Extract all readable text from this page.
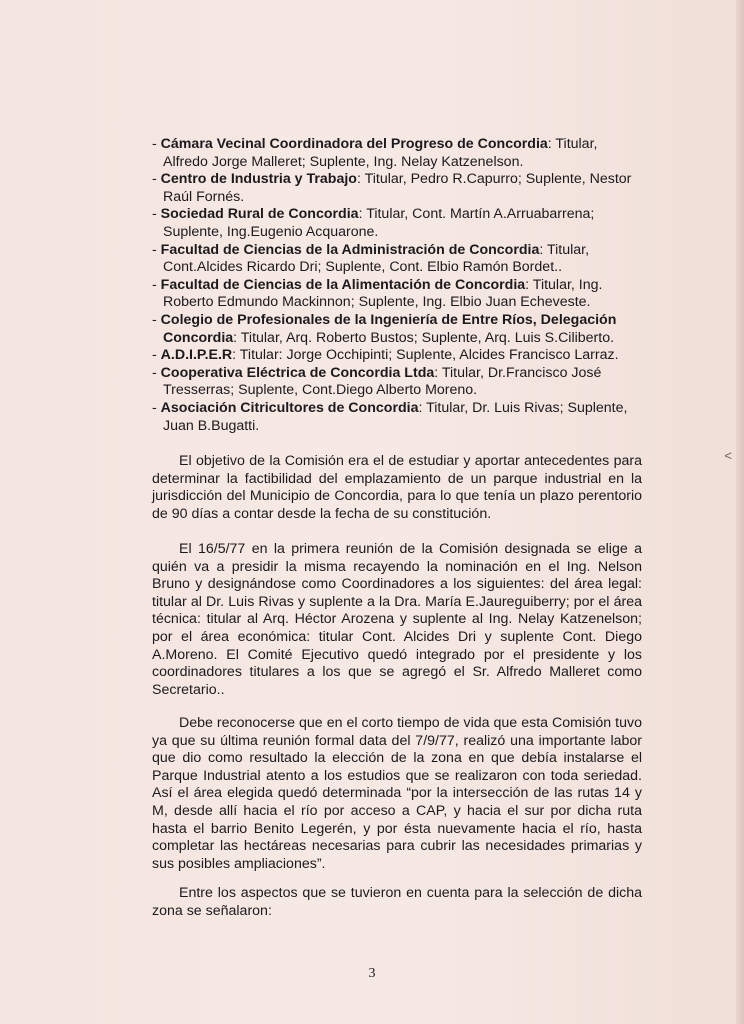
<
- Cámara Vecinal Coordinadora del Progreso de Concordia: Titular, Alfredo Jorge Malleret; Suplente, Ing. Nelay Katzenelson.
- Centro de Industria y Trabajo: Titular, Pedro R.Capurro; Suplente, Nestor Raúl Fornés.
- Sociedad Rural de Concordia: Titular, Cont. Martín A.Arruabarrena; Suplente, Ing.Eugenio Acquarone.
- Facultad de Ciencias de la Administración de Concordia: Titular, Cont.Alcides Ricardo Dri; Suplente, Cont. Elbio Ramón Bordet..
- Facultad de Ciencias de la Alimentación de Concordia: Titular, Ing. Roberto Edmundo Mackinnon; Suplente, Ing. Elbio Juan Echeveste.
- Colegio de Profesionales de la Ingeniería de Entre Ríos, Delegación Concordia: Titular, Arq. Roberto Bustos; Suplente, Arq. Luis S.Ciliberto.
- A.D.I.P.E.R: Titular: Jorge Occhipinti; Suplente, Alcides Francisco Larraz.
- Cooperativa Eléctrica de Concordia Ltda: Titular, Dr.Francisco José Tresserras; Suplente, Cont.Diego Alberto Moreno.
- Asociación Citricultores de Concordia: Titular, Dr. Luis Rivas; Suplente, Juan B.Bugatti.

El objetivo de la Comisión era el de estudiar y aportar antecedentes para determinar la factibilidad del emplazamiento de un parque industrial en la jurisdicción del Municipio de Concordia, para lo que tenía un plazo perentorio de 90 días a contar desde la fecha de su constitución.

El 16/5/77 en la primera reunión de la Comisión designada se elige a quién va a presidir la misma recayendo la nominación en el Ing. Nelson Bruno y designándose como Coordinadores a los siguientes: del área legal: titular al Dr. Luis Rivas y suplente a la Dra. María E.Jaureguiberry; por el área técnica: titular al Arq. Héctor Arozena y suplente al Ing. Nelay Katzenelson; por el área económica: titular Cont. Alcides Dri y suplente Cont. Diego A.Moreno. El Comité Ejecutivo quedó integrado por el presidente y los coordinadores titulares a los que se agregó el Sr. Alfredo Malleret como Secretario..

Debe reconocerse que en el corto tiempo de vida que esta Comisión tuvo ya que su última reunión formal data del 7/9/77, realizó una importante labor que dio como resultado la elección de la zona en que debía instalarse el Parque Industrial atento a los estudios que se realizaron con toda seriedad. Así el área elegida quedó determinada “por la intersección de las rutas 14 y M, desde allí hacia el río por acceso a CAP, y hacia el sur por dicha ruta hasta el barrio Benito Legerén, y por ésta nuevamente hacia el río, hasta completar las hectáreas necesarias para cubrir las necesidades primarias y sus posibles ampliaciones”.

Entre los aspectos que se tuvieron en cuenta para la selección de dicha zona se señalaron:

3
